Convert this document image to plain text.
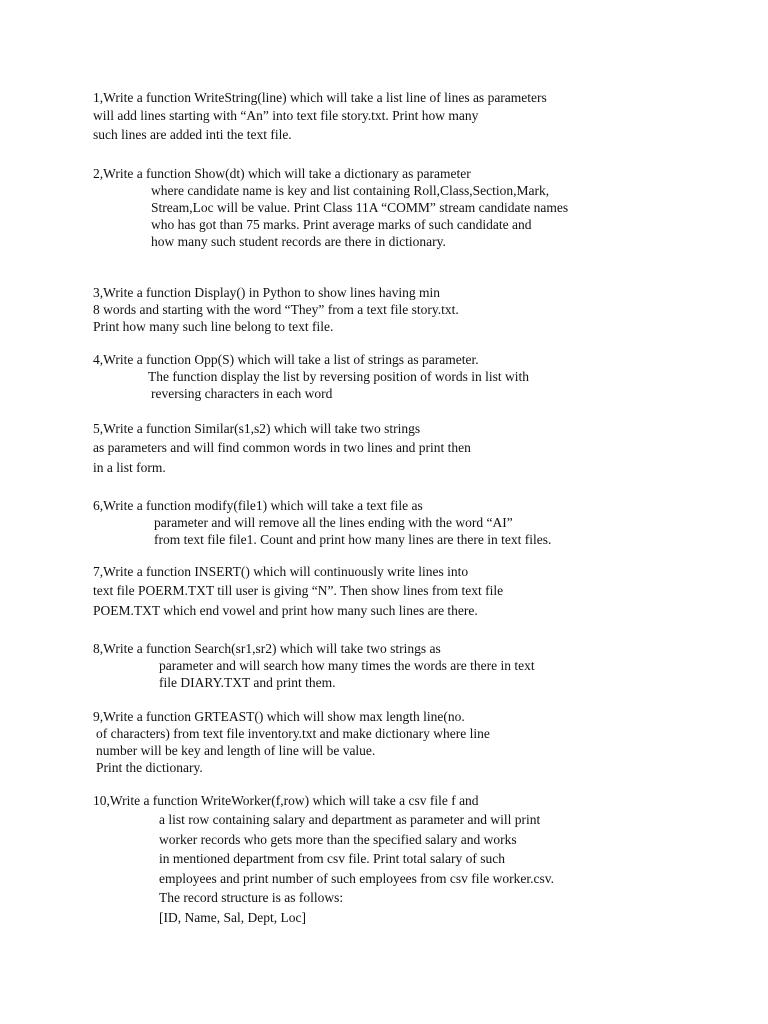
1,Write a function WriteString(line) which will take a list line of lines as parameters
will add lines starting with “An” into text file story.txt. Print how many
such lines are added inti the text file.
2,Write a function Show(dt) which will take a dictionary as parameter
where candidate name is key and list containing Roll,Class,Section,Mark,
Stream,Loc will be value. Print Class 11A “COMM” stream candidate names
who has got than 75 marks. Print average marks of such candidate and
how many such student records are there in dictionary.
3,Write a function Display() in Python to show lines having min
8 words and starting with the word “They” from a text file story.txt.
Print how many such line belong to text file.
4,Write a function Opp(S) which will take a list of strings as parameter.
The function display the list by reversing position of words in list with
reversing characters in each word
5,Write a function Similar(s1,s2) which will take two strings
as parameters and will find common words in two lines and print then
in a list form.
6,Write a function modify(file1) which will take a text file as
parameter and will remove all the lines ending with the word “AI”
from text file file1. Count and print how many lines are there in text files.
7,Write a function INSERT() which will continuously write lines into
text file POERM.TXT till user is giving “N”. Then show lines from text file
POEM.TXT which end vowel and print how many such lines are there.
8,Write a function Search(sr1,sr2) which will take two strings as
parameter and will search how many times the words are there in text
file DIARY.TXT and print them.
9,Write a function GRTEAST() which will show max length line(no.
of characters) from text file inventory.txt and make dictionary where line
number will be key and length of line will be value.
Print the dictionary.
10,Write a function WriteWorker(f,row) which will take a csv file f and
a list row containing salary and department as parameter and will print
worker records who gets more than the specified salary and works
in mentioned department from csv file. Print total salary of such
employees and print number of such employees from csv file worker.csv.
The record structure is as follows:
[ID, Name, Sal, Dept, Loc]
